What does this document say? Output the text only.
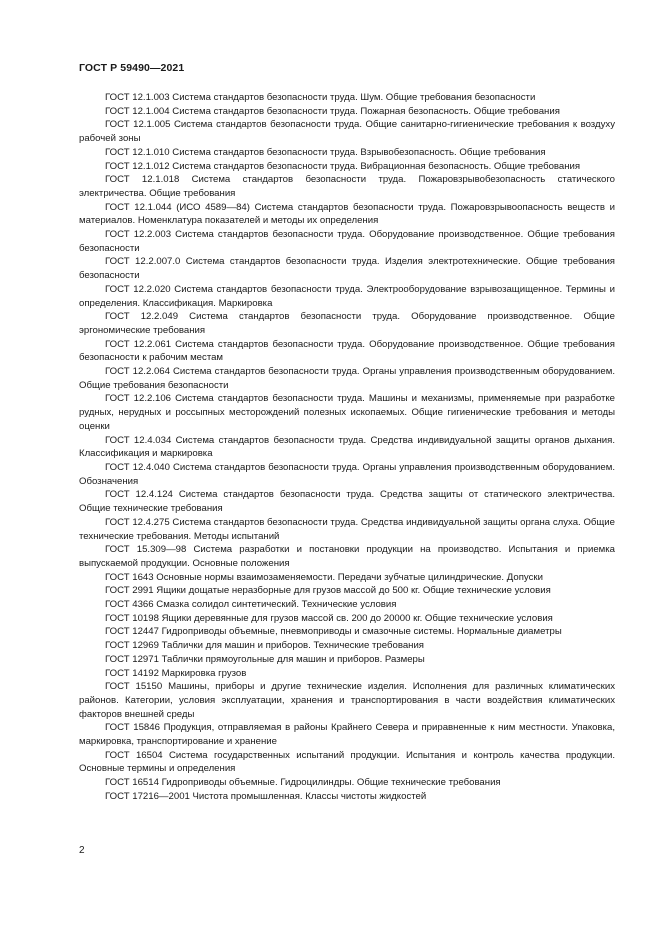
ГОСТ Р 59490—2021

ГОСТ 12.1.003 Система стандартов безопасности труда. Шум. Общие требования безопасности

ГОСТ 12.1.004 Система стандартов безопасности труда. Пожарная безопасность. Общие требования

ГОСТ 12.1.005 Система стандартов безопасности труда. Общие санитарно-гигиенические требования к воздуху рабочей зоны

ГОСТ 12.1.010 Система стандартов безопасности труда. Взрывобезопасность. Общие требования

ГОСТ 12.1.012 Система стандартов безопасности труда. Вибрационная безопасность. Общие требования

ГОСТ 12.1.018 Система стандартов безопасности труда. Пожаровзрывобезопасность статического электричества. Общие требования

ГОСТ 12.1.044 (ИСО 4589—84) Система стандартов безопасности труда. Пожаровзрывоопасность веществ и материалов. Номенклатура показателей и методы их определения

ГОСТ 12.2.003 Система стандартов безопасности труда. Оборудование производственное. Общие требования безопасности

ГОСТ 12.2.007.0 Система стандартов безопасности труда. Изделия электротехнические. Общие требования безопасности

ГОСТ 12.2.020 Система стандартов безопасности труда. Электрооборудование взрывозащищенное. Термины и определения. Классификация. Маркировка

ГОСТ 12.2.049 Система стандартов безопасности труда. Оборудование производственное. Общие эргономические требования

ГОСТ 12.2.061 Система стандартов безопасности труда. Оборудование производственное. Общие требования безопасности к рабочим местам

ГОСТ 12.2.064 Система стандартов безопасности труда. Органы управления производственным оборудованием. Общие требования безопасности

ГОСТ 12.2.106 Система стандартов безопасности труда. Машины и механизмы, применяемые при разработке рудных, нерудных и россыпных месторождений полезных ископаемых. Общие гигиенические требования и методы оценки

ГОСТ 12.4.034 Система стандартов безопасности труда. Средства индивидуальной защиты органов дыхания. Классификация и маркировка

ГОСТ 12.4.040 Система стандартов безопасности труда. Органы управления производственным оборудованием. Обозначения

ГОСТ 12.4.124 Система стандартов безопасности труда. Средства защиты от статического электричества. Общие технические требования

ГОСТ 12.4.275 Система стандартов безопасности труда. Средства индивидуальной защиты органа слуха. Общие технические требования. Методы испытаний

ГОСТ 15.309—98 Система разработки и постановки продукции на производство. Испытания и приемка выпускаемой продукции. Основные положения

ГОСТ 1643 Основные нормы взаимозаменяемости. Передачи зубчатые цилиндрические. Допуски

ГОСТ 2991 Ящики дощатые неразборные для грузов массой до 500 кг. Общие технические условия

ГОСТ 4366 Смазка солидол синтетический. Технические условия

ГОСТ 10198 Ящики деревянные для грузов массой св. 200 до 20000 кг. Общие технические условия

ГОСТ 12447 Гидроприводы объемные, пневмоприводы и смазочные системы. Нормальные диаметры

ГОСТ 12969 Таблички для машин и приборов. Технические требования

ГОСТ 12971 Таблички прямоугольные для машин и приборов. Размеры

ГОСТ 14192 Маркировка грузов

ГОСТ 15150 Машины, приборы и другие технические изделия. Исполнения для различных климатических районов. Категории, условия эксплуатации, хранения и транспортирования в части воздействия климатических факторов внешней среды

ГОСТ 15846 Продукция, отправляемая в районы Крайнего Севера и приравненные к ним местности. Упаковка, маркировка, транспортирование и хранение

ГОСТ 16504 Система государственных испытаний продукции. Испытания и контроль качества продукции. Основные термины и определения

ГОСТ 16514 Гидроприводы объемные. Гидроцилиндры. Общие технические требования

ГОСТ 17216—2001 Чистота промышленная. Классы чистоты жидкостей

2
